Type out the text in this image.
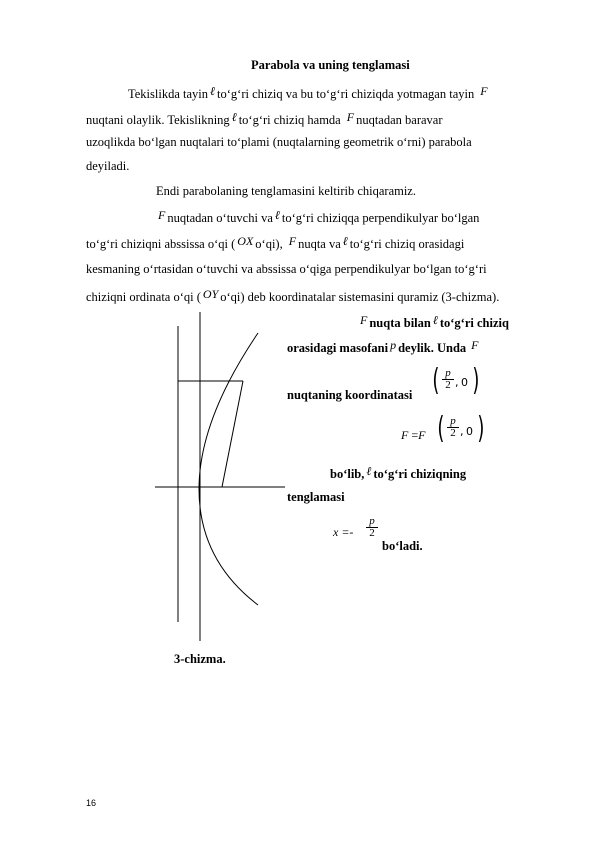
Parabola va uning tenglamasi
Tekislikda tayin ℓ to‘g‘ri chiziq va bu to‘g‘ri chiziqda yotmagan tayin F
nuqtani olaylik. Tekislikning ℓ to‘g‘ri chiziq hamda F nuqtadan baravar
uzoqlikda bo‘lgan nuqtalari to‘plami (nuqtalarning geometrik o‘rni) parabola
deyiladi.
Endi parabolaning tenglamasini keltirib chiqaramiz.
F nuqtadan o‘tuvchi va ℓ to‘g‘ri chiziqqa perpendikulyar bo‘lgan
to‘g‘ri chiziqni abssissa o‘qi ( OX o‘qi), F nuqta va ℓ to‘g‘ri chiziq orasidagi
kesmaning o‘rtasidan o‘tuvchi va abssissa o‘qiga perpendikulyar bo‘lgan to‘g‘ri
chiziqni ordinata o‘qi ( OY o‘qi) deb koordinatalar sistemasini quramiz (3-chizma).
F nuqta bilan ℓ to‘g‘ri chiziq
orasidagi masofani p deylik. Unda F
nuqtaning koordinatasi ( p
2 , 0 )
F =F ( p
2 , 0 )
bo‘lib, ℓ to‘g‘ri chiziqning
tenglamasi
x =-
p
2
bo‘ladi.
3-chizma.
16
